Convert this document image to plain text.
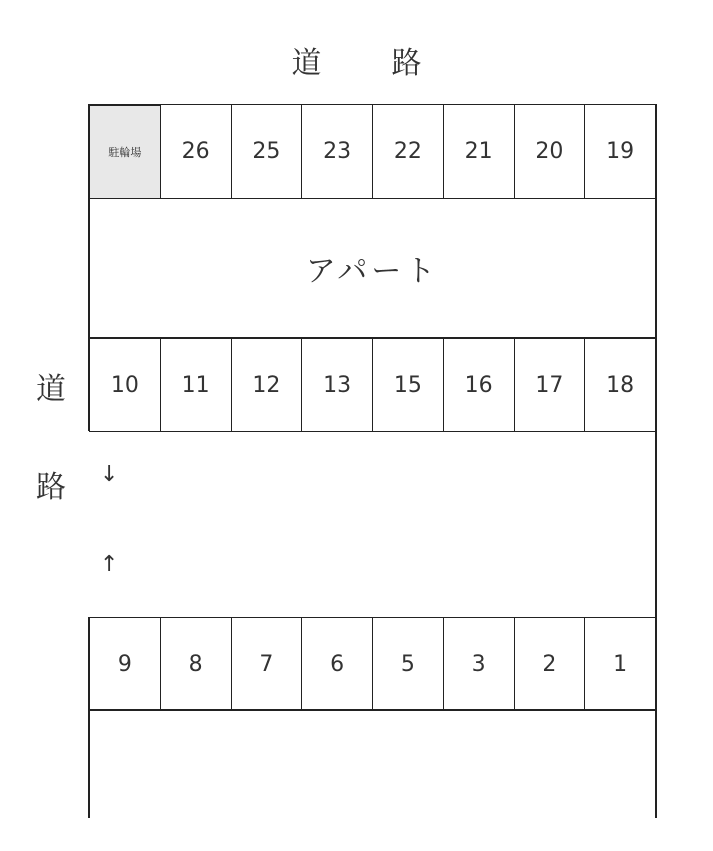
道　路
駐輪場	26	25	23	22	21	20	19
アパート
10	11	12	13	15	16	17	18
道
路 ↓
↑
9	8	7	6	5	3	2	1
